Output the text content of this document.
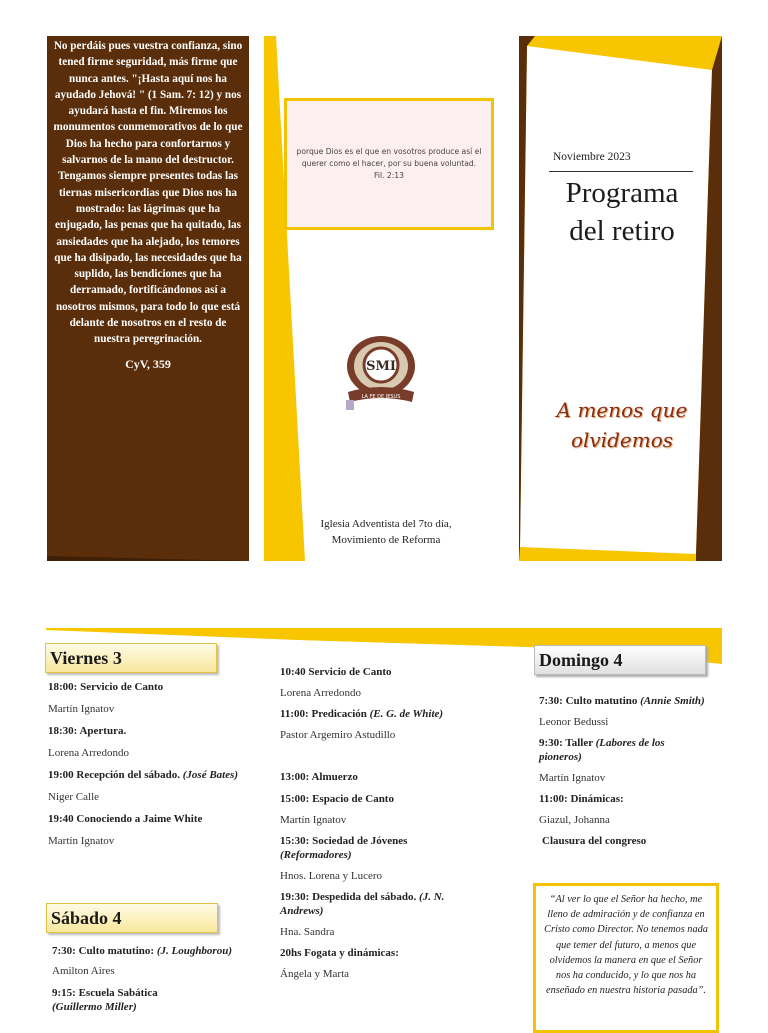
No perdáis pues vuestra confianza, sino tened firme seguridad, más firme que nunca antes. "¡Hasta aquí nos ha ayudado Jehová! " (1 Sam. 7: 12) y nos ayudará hasta el fin. Miremos los monumentos conmemorativos de lo que Dios ha hecho para confortarnos y salvarnos de la mano del destructor. Tengamos siempre presentes todas las tiernas misericordias que Dios nos ha mostrado: las lágrimas que ha enjugado, las penas que ha quitado, las ansiedades que ha alejado, los temores que ha disipado, las necesidades que ha suplido, las bendiciones que ha derramado, fortificándonos así a nosotros mismos, para todo lo que está delante de nosotros en el resto de nuestra peregrinación.
CyV, 359
porque Dios es el que en vosotros produce así el querer como el hacer, por su buena voluntad.
Fil. 2:13
SMI
LA FE DE JESUS
Iglesia Adventista del 7to día, Movimiento de Reforma
Noviembre 2023
Programa del retiro
A menos que olvidemos
Viernes 3
18:00: Servicio de Canto
Martín Ignatov
18:30: Apertura.
Lorena Arredondo
19:00 Recepción del sábado. (José Bates)
Niger Calle
19:40 Conociendo a Jaime White
Martín Ignatov
Sábado 4
7:30: Culto matutino: (J. Loughborou)
Amilton Aires
9:15: Escuela Sabática
(Guillermo Miller)
10:40 Servicio de Canto
Lorena Arredondo
11:00: Predicación (E. G. de White)
Pastor Argemiro Astudillo
13:00: Almuerzo
15:00: Espacio de Canto
Martín Ignatov
15:30: Sociedad de Jóvenes
(Reformadores)
Hnos. Lorena y Lucero
19:30: Despedida del sábado. (J. N. Andrews)
Hna. Sandra
20hs Fogata y dinámicas:
Ángela y Marta
Domingo 4
7:30: Culto matutino (Annie Smith)
Leonor Bedussi
9:30: Taller (Labores de los pioneros)
Martín Ignatov
11:00: Dinámicas:
Giazul, Johanna
Clausura del congreso
“Al ver lo que el Señor ha hecho, me lleno de admiración y de confianza en Cristo como Director. No tenemos nada que temer del futuro, a menos que olvidemos la manera en que el Señor nos ha conducido, y lo que nos ha enseñado en nuestra historia pasada”.
